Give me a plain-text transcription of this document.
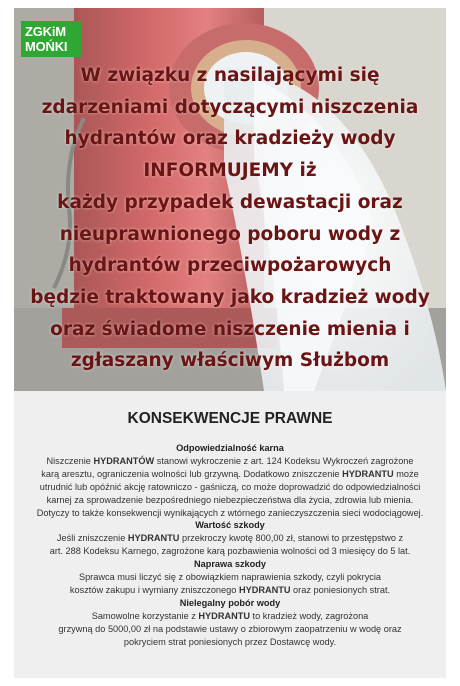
ZGKiM
MOŃKI
W związku z nasilającymi się
zdarzeniami dotyczącymi niszczenia
hydrantów oraz kradzieży wody
INFORMUJEMY iż
każdy przypadek dewastacji oraz
nieuprawnionego poboru wody z
hydrantów przeciwpożarowych
będzie traktowany jako kradzież wody
oraz świadome niszczenie mienia i
zgłaszany właściwym Służbom
KONSEKWENCJE PRAWNE
Odpowiedzialność karna
Niszczenie HYDRANTÓW stanowi wykroczenie z art. 124 Kodeksu Wykroczeń zagrożone
karą aresztu, ograniczenia wolności lub grzywną. Dodatkowo zniszczenie HYDRANTU może
utrudnić lub opóźnić akcję ratowniczo - gaśniczą, co może doprowadzić do odpowiedzialności
karnej za sprowadzenie bezpośredniego niebezpieczeństwa dla życia, zdrowia lub mienia.
Dotyczy to także konsekwencji wynikających z wtórnego zanieczyszczenia sieci wodociągowej.
Wartość szkody
Jeśli zniszczenie HYDRANTU przekroczy kwotę 800,00 zł, stanowi to przestępstwo z
art. 288 Kodeksu Karnego, zagrożone karą pozbawienia wolności od 3 miesięcy do 5 lat.
Naprawa szkody
Sprawca musi liczyć się z obowiązkiem naprawienia szkody, czyli pokrycia
kosztów zakupu i wymiany zniszczonego HYDRANTU oraz poniesionych strat.
Nielegalny pobór wody
Samowolne korzystanie z HYDRANTU to kradzież wody, zagrożona
grzywną do 5000,00 zł na podstawie ustawy o zbiorowym zaopatrzeniu w wodę oraz
pokryciem strat poniesionych przez Dostawcę wody.
